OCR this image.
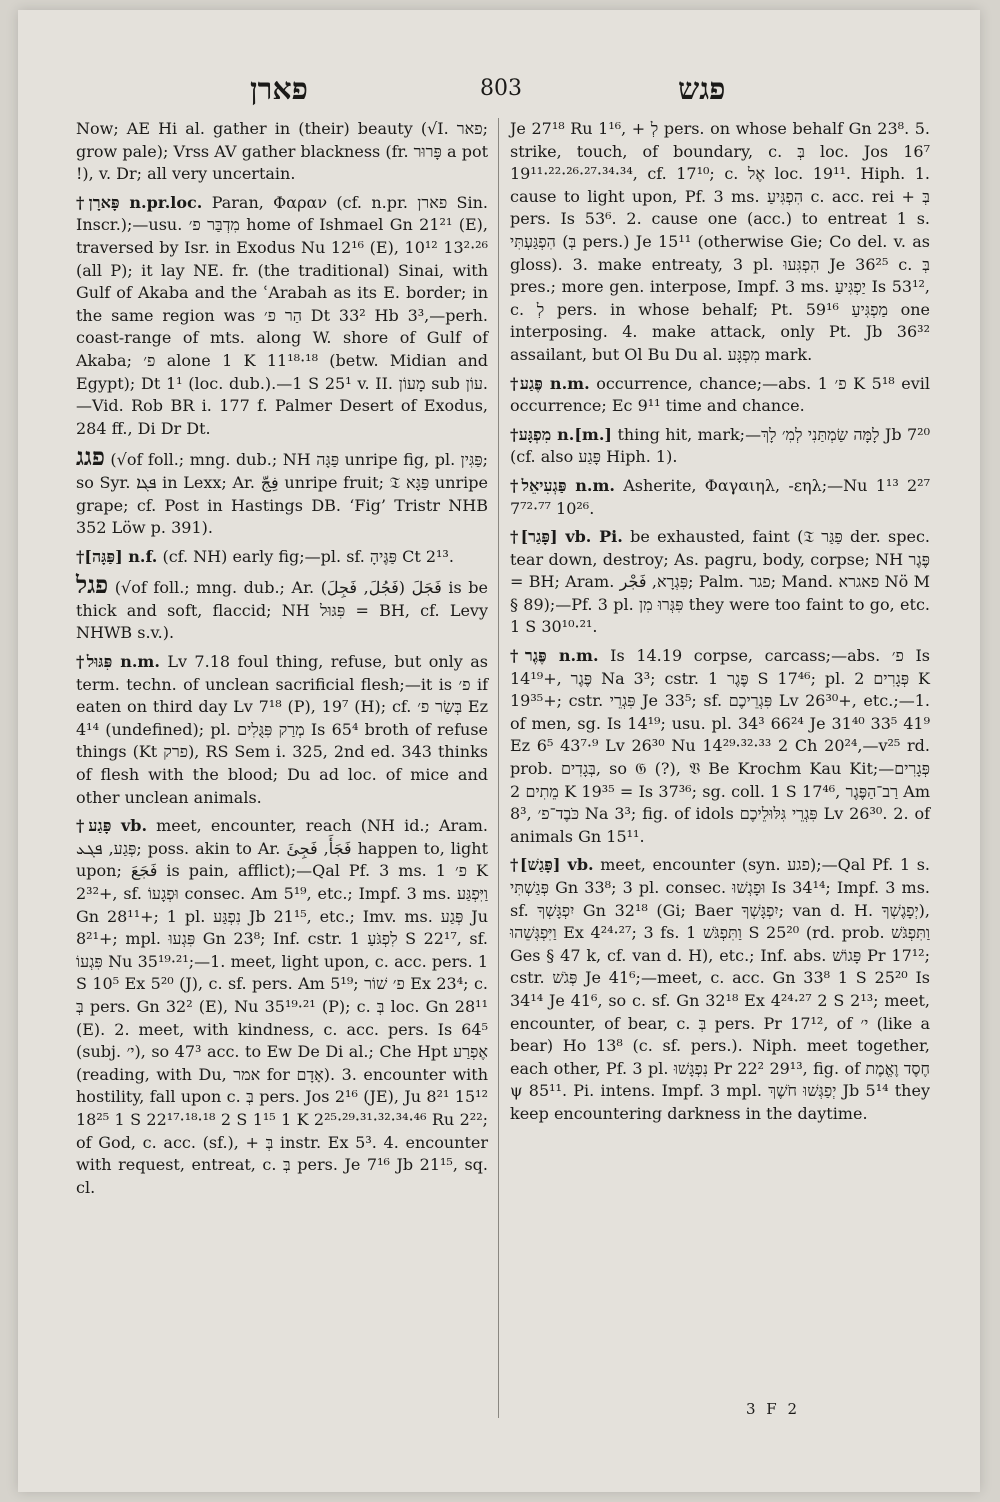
פארן	803	פגש

Now; AE Hi al. gather in (their) beauty (√I. פאר; grow pale); Vrss AV gather blackness (fr. פָּרוּר a pot !), v. Dr; all very uncertain.

†פָּארָן n.pr.loc. Paran, Φαραν (cf. n.pr. פארן Sin. Inscr.);—usu. מִדְבַּר פ׳ home of Ishmael Gn 21²¹ (E), traversed by Isr. in Exodus Nu 12¹⁶ (E), 10¹² 13²·²⁶ (all P); it lay NE. fr. (the traditional) Sinai, with Gulf of Akaba and the ʿArabah as its E. border; in the same region was הַר פ׳ Dt 33² Hb 3³,—perh. coast-range of mts. along W. shore of Gulf of Akaba; פ׳ alone 1 K 11¹⁸·¹⁸ (betw. Midian and Egypt); Dt 1¹ (loc. dub.).—1 S 25¹ v. II. מָעוֹן sub עוֹן.—Vid. Rob BR i. 177 f. Palmer Desert of Exodus, 284 ff., Di Dr Dt.

פגג (√of foll.; mng. dub.; NH פַּגָּה unripe fig, pl. פַּגִּין; so Syr. ܦܓܐ in Lexx; Ar. فِجّ unripe fruit; 𝔗 פַּגָּא unripe grape; cf. Post in Hastings DB. ‘Fig’ Tristr NHB 352 Löw p. 391).

†[פַּגָּה] n.f. (cf. NH) early fig;—pl. sf. פַּגֶּיהָ Ct 2¹³.

פגל (√of foll.; mng. dub.; Ar. فَجَلَ (فَجُلَ, فَجِلَ) is be thick and soft, flaccid; NH פִּגּוּל = BH, cf. Levy NHWB s.v.).

†פִּגּוּל n.m. Lv 7.18 foul thing, refuse, but only as term. techn. of unclean sacrificial flesh;—it is פ׳ if eaten on third day Lv 7¹⁸ (P), 19⁷ (H); cf. בְּשַׂר פ׳ Ez 4¹⁴ (undefined); pl. מְרַק פִּגֻּלִים Is 65⁴ broth of refuse things (Kt פרק), RS Sem i. 325, 2nd ed. 343 thinks of flesh with the blood; Du ad loc. of mice and other unclean animals.

†פָּגַע vb. meet, encounter, reach (NH id.; Aram. פְּגַע, ܦܓܥ; poss. akin to Ar. فَجَأَ, فَجِئَ happen to, light upon; فَجَعَ is pain, afflict);—Qal Pf. 3 ms. פ׳ 1 K 2³²+, sf. וּפְגָעוֹ consec. Am 5¹⁹, etc.; Impf. 3 ms. וַיִּפְגַּע Gn 28¹¹+; 1 pl. נִפְגַּע Jb 21¹⁵, etc.; Imv. ms. פְּגַע Ju 8²¹+; mpl. פִּגְעוּ Gn 23⁸; Inf. cstr. לִפְגֹּעַ 1 S 22¹⁷, sf. פִּגְעוֹ Nu 35¹⁹·²¹;—1. meet, light upon, c. acc. pers. 1 S 10⁵ Ex 5²⁰ (J), c. sf. pers. Am 5¹⁹; פ׳ שׁוֹר Ex 23⁴; c. בְּ pers. Gn 32² (E), Nu 35¹⁹·²¹ (P); c. בְּ loc. Gn 28¹¹ (E). 2. meet, with kindness, c. acc. pers. Is 64⁵ (subj. י׳), so 47³ acc. to Ew De Di al.; Che Hpt אֶפְרַע (reading, with Du, אמר for אָדָם). 3. encounter with hostility, fall upon c. בְּ pers. Jos 2¹⁶ (JE), Ju 8²¹ 15¹² 18²⁵ 1 S 22¹⁷·¹⁸·¹⁸ 2 S 1¹⁵ 1 K 2²⁵·²⁹·³¹·³²·³⁴·⁴⁶ Ru 2²²; of God, c. acc. (sf.), + בְּ instr. Ex 5³. 4. encounter with request, entreat, c. בְּ pers. Je 7¹⁶ Jb 21¹⁵, sq. cl.

Je 27¹⁸ Ru 1¹⁶, + לְ pers. on whose behalf Gn 23⁸. 5. strike, touch, of boundary, c. בְּ loc. Jos 16⁷ 19¹¹·²²·²⁶·²⁷·³⁴·³⁴, cf. 17¹⁰; c. אֶל loc. 19¹¹. Hiph. 1. cause to light upon, Pf. 3 ms. הִפְגִּיעַ c. acc. rei + בְּ pers. Is 53⁶. 2. cause one (acc.) to entreat 1 s. הִפְגַּעְתִּי (בְּ pers.) Je 15¹¹ (otherwise Gie; Co del. v. as gloss). 3. make entreaty, 3 pl. הִפְגִּעוּ Je 36²⁵ c. בְּ pres.; more gen. interpose, Impf. 3 ms. יַפְגִּיעַ Is 53¹², c. לְ pers. in whose behalf; Pt. מַפְגִּיעַ 59¹⁶ one interposing. 4. make attack, only Pt. Jb 36³² assailant, but Ol Bu Du al. מִפְגָּע mark.

†פֶּגַע n.m. occurrence, chance;—abs. פ׳ 1 K 5¹⁸ evil occurrence; Ec 9¹¹ time and chance.

†מִפְגָּע n.[m.] thing hit, mark;—לָמָּה שַׂמְתַּנִי לְמִ׳ לָךְ Jb 7²⁰ (cf. also פָּגַע Hiph. 1).

†פַּגְעִיאֵל n.m. Asherite, Φαγαιηλ, -εηλ;—Nu 1¹³ 2²⁷ 7⁷²·⁷⁷ 10²⁶.

†[פָּגַר] vb. Pi. be exhausted, faint (𝔗 פַּגַּר der. spec. tear down, destroy; As. pagru, body, corpse; NH פֶּגֶר = BH; Aram. פִּגְרָא, فَجْر; Palm. פגר; Mand. פאגרא Nö M § 89);—Pf. 3 pl. פִּגְּרוּ מִן they were too faint to go, etc. 1 S 30¹⁰·²¹.

†פֶּגֶר n.m. Is 14.19 corpse, carcass;—abs. פ׳ Is 14¹⁹+, פֶּגֶר Na 3³; cstr. פֶּגֶר 1 S 17⁴⁶; pl. פְּגָרִים 2 K 19³⁵+; cstr. פִּגְרֵי Je 33⁵; sf. פִּגְרֵיכֶם Lv 26³⁰+, etc.;—1. of men, sg. Is 14¹⁹; usu. pl. 34³ 66²⁴ Je 31⁴⁰ 33⁵ 41⁹ Ez 6⁵ 43⁷·⁹ Lv 26³⁰ Nu 14²⁹·³²·³³ 2 Ch 20²⁴,—v²⁵ rd. prob. בְּגָדִים, so 𝔊 (?), 𝔙 Be Krochm Kau Kit;—פְּגָרִים מֵתִים 2 K 19³⁵ = Is 37³⁶; sg. coll. 1 S 17⁴⁶, רַב־הַפֶּגֶר Am 8³, כֹּבֶד־פ׳ Na 3³; fig. of idols פִּגְרֵי גִּלּוּלֵיכֶם Lv 26³⁰. 2. of animals Gn 15¹¹.

†[פָּגַשׁ] vb. meet, encounter (syn. פגע);—Qal Pf. 1 s. פְּגַשְׁתִּי Gn 33⁸; 3 pl. consec. וּפָגְשׁוּ Is 34¹⁴; Impf. 3 ms. sf. יִפְגָּשְׁךָ Gn 32¹⁸ (Gi; Baer יִפְגָּשְׁךָ; van d. H. יְפָגֶשְׁךָ), וַיִּפְגְּשֵׁהוּ Ex 4²⁴·²⁷; 3 fs. וַתִּפְגֹּשׁ 1 S 25²⁰ (rd. prob. וַתִּפְגֹּשׁ Ges § 47 k, cf. van d. H), etc.; Inf. abs. פָּגוֹשׁ Pr 17¹²; cstr. פְּגֹשׁ Je 41⁶;—meet, c. acc. Gn 33⁸ 1 S 25²⁰ Is 34¹⁴ Je 41⁶, so c. sf. Gn 32¹⁸ Ex 4²⁴·²⁷ 2 S 2¹³; meet, encounter, of bear, c. בְּ pers. Pr 17¹², of י׳ (like a bear) Ho 13⁸ (c. sf. pers.). Niph. meet together, each other, Pf. 3 pl. נִפְגָּשׁוּ Pr 22² 29¹³, fig. of חֶסֶד וֶאֱמֶת ψ 85¹¹. Pi. intens. Impf. 3 mpl. יְפַגְּשׁוּ חֹשֶׁךְ Jb 5¹⁴ they keep encountering darkness in the daytime.

3 F 2
